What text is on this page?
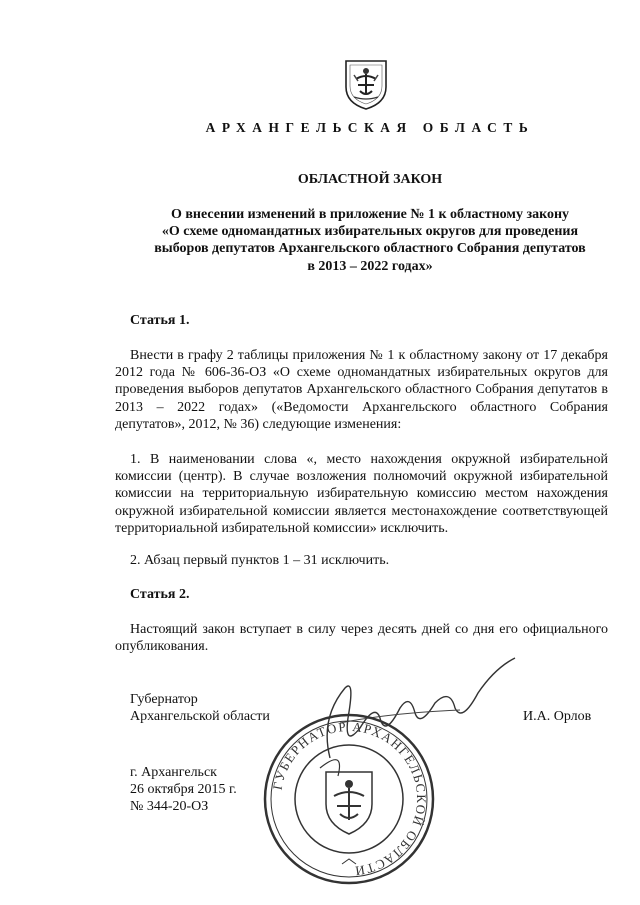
АРХАНГЕЛЬСКАЯ ОБЛАСТЬ
ОБЛАСТНОЙ ЗАКОН
О внесении изменений в приложение № 1 к областному закону
«О схеме одномандатных избирательных округов для проведения
выборов депутатов Архангельского областного Собрания депутатов
в 2013 – 2022 годах»
Статья 1.

Внести в графу 2 таблицы приложения № 1 к областному закону от 17 декабря 2012 года № 606-36-ОЗ «О схеме одномандатных избирательных округов для проведения выборов депутатов Архангельского областного Собрания депутатов в 2013 – 2022 годах» («Ведомости Архангельского областного Собрания депутатов», 2012, № 36) следующие изменения:

1. В наименовании слова «, место нахождения окружной избирательной комиссии (центр). В случае возложения полномочий окружной избирательной комиссии на территориальную избирательную комиссию местом нахождения окружной избирательной комиссии является местонахождение соответствующей территориальной избирательной комиссии» исключить.

2. Абзац первый пунктов 1 – 31 исключить.
Статья 2.

Настоящий закон вступает в силу через десять дней со дня его официального опубликования.

Губернатор
Архангельской области	И.А. Орлов
ГУБЕРНАТОР АРХАНГЕЛЬСКОЙ ОБЛАСТИ
г. Архангельск
26 октября 2015 г.
№ 344-20-ОЗ
